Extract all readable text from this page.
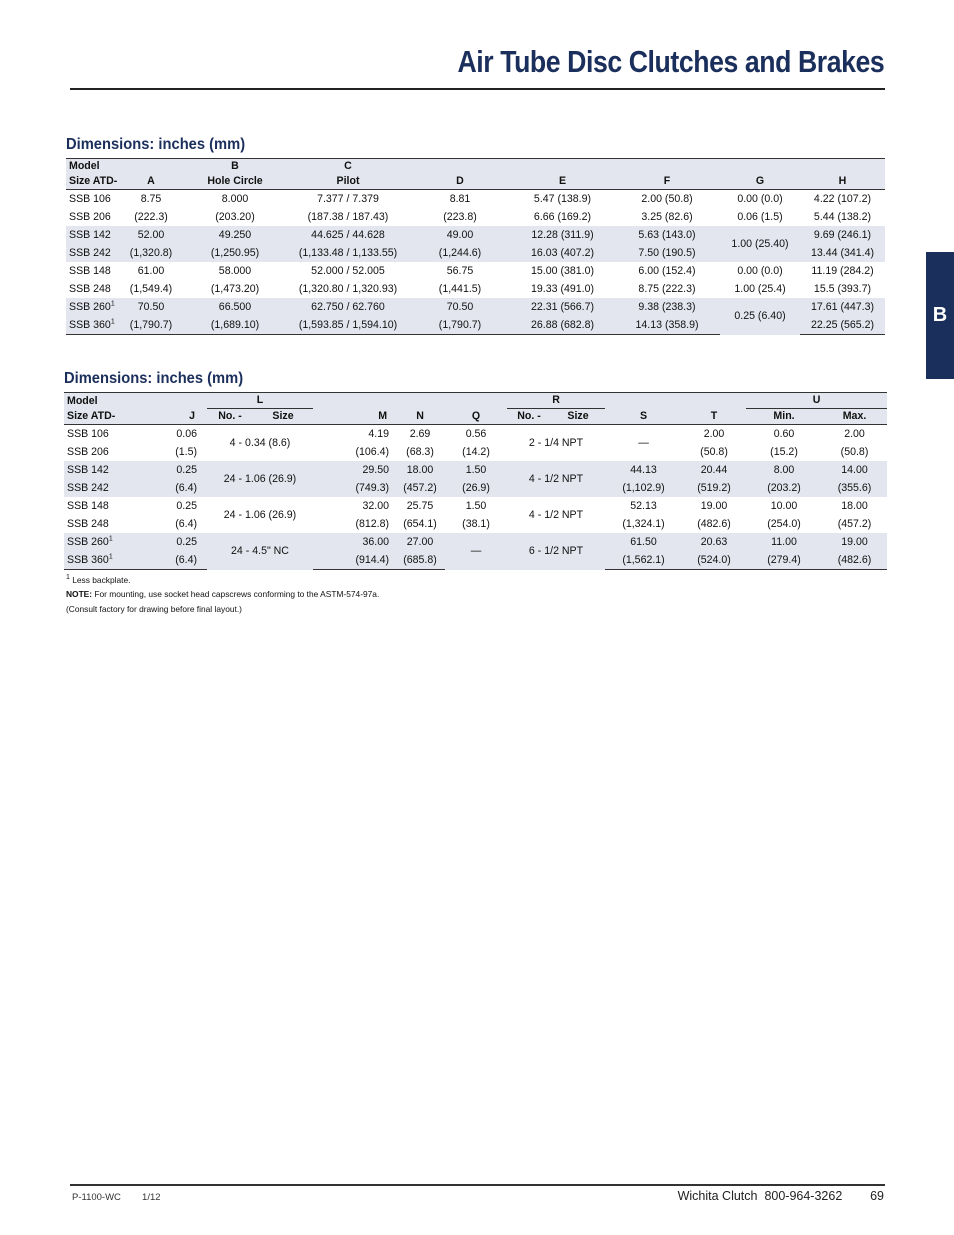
Air Tube Disc Clutches and Brakes
B
Dimensions: inches (mm)
Model		B	C					
Size ATD-	A	Hole Circle	Pilot	D	E	F	G	H
SSB 106	8.75	8.000	7.377 / 7.379	8.81	5.47 (138.9)	2.00 (50.8)	0.00 (0.0)	4.22 (107.2)
SSB 206	(222.3)	(203.20)	(187.38 / 187.43)	(223.8)	6.66 (169.2)	3.25 (82.6)	0.06 (1.5)	5.44 (138.2)
SSB 142	52.00	49.250	44.625 / 44.628	49.00	12.28 (311.9)	5.63 (143.0)	1.00 (25.40)	9.69 (246.1)
SSB 242	(1,320.8)	(1,250.95)	(1,133.48 / 1,133.55)	(1,244.6)	16.03 (407.2)	7.50 (190.5)		13.44 (341.4)
SSB 148	61.00	58.000	52.000 / 52.005	56.75	15.00 (381.0)	6.00 (152.4)	0.00 (0.0)	11.19 (284.2)
SSB 248	(1,549.4)	(1,473.20)	(1,320.80 / 1,320.93)	(1,441.5)	19.33 (491.0)	8.75 (222.3)	1.00 (25.4)	15.5 (393.7)
SSB 260$^1$	70.50	66.500	62.750 / 62.760	70.50	22.31 (566.7)	9.38 (238.3)	0.25 (6.40)	17.61 (447.3)
SSB 360$^1$	(1,790.7)	(1,689.10)	(1,593.85 / 1,594.10)	(1,790.7)	26.88 (682.8)	14.13 (358.9)		22.25 (565.2)
Dimensions: inches (mm)
Model		L					R				U	
Size ATD-	J	No. -	Size	M	N	Q	No. -	Size	S	T	Min.	Max.
SSB 106	0.06	4 - 0.34 (8.6)		4.19	2.69	0.56	2 - 1/4 NPT		—	2.00	0.60	2.00
SSB 206	(1.5)			(106.4)	(68.3)	(14.2)				(50.8)	(15.2)	(50.8)
SSB 142	0.25	24 - 1.06 (26.9)		29.50	18.00	1.50	4 - 1/2 NPT		44.13	20.44	8.00	14.00
SSB 242	(6.4)			(749.3)	(457.2)	(26.9)			(1,102.9)	(519.2)	(203.2)	(355.6)
SSB 148	0.25	24 - 1.06 (26.9)		32.00	25.75	1.50	4 - 1/2 NPT		52.13	19.00	10.00	18.00
SSB 248	(6.4)			(812.8)	(654.1)	(38.1)			(1,324.1)	(482.6)	(254.0)	(457.2)
SSB 260$^1$	0.25	24 - 4.5" NC		36.00	27.00	—	6 - 1/2 NPT		61.50	20.63	11.00	19.00
SSB 360$^1$	(6.4)			(914.4)	(685.8)				(1,562.1)	(524.0)	(279.4)	(482.6)
$^1$ Less backplate.
NOTE: For mounting, use socket head capscrews conforming to the ASTM-574-97a.
(Consult factory for drawing before final layout.)
P-1100-WC 1/12	Wichita Clutch 800-964-3262 69
